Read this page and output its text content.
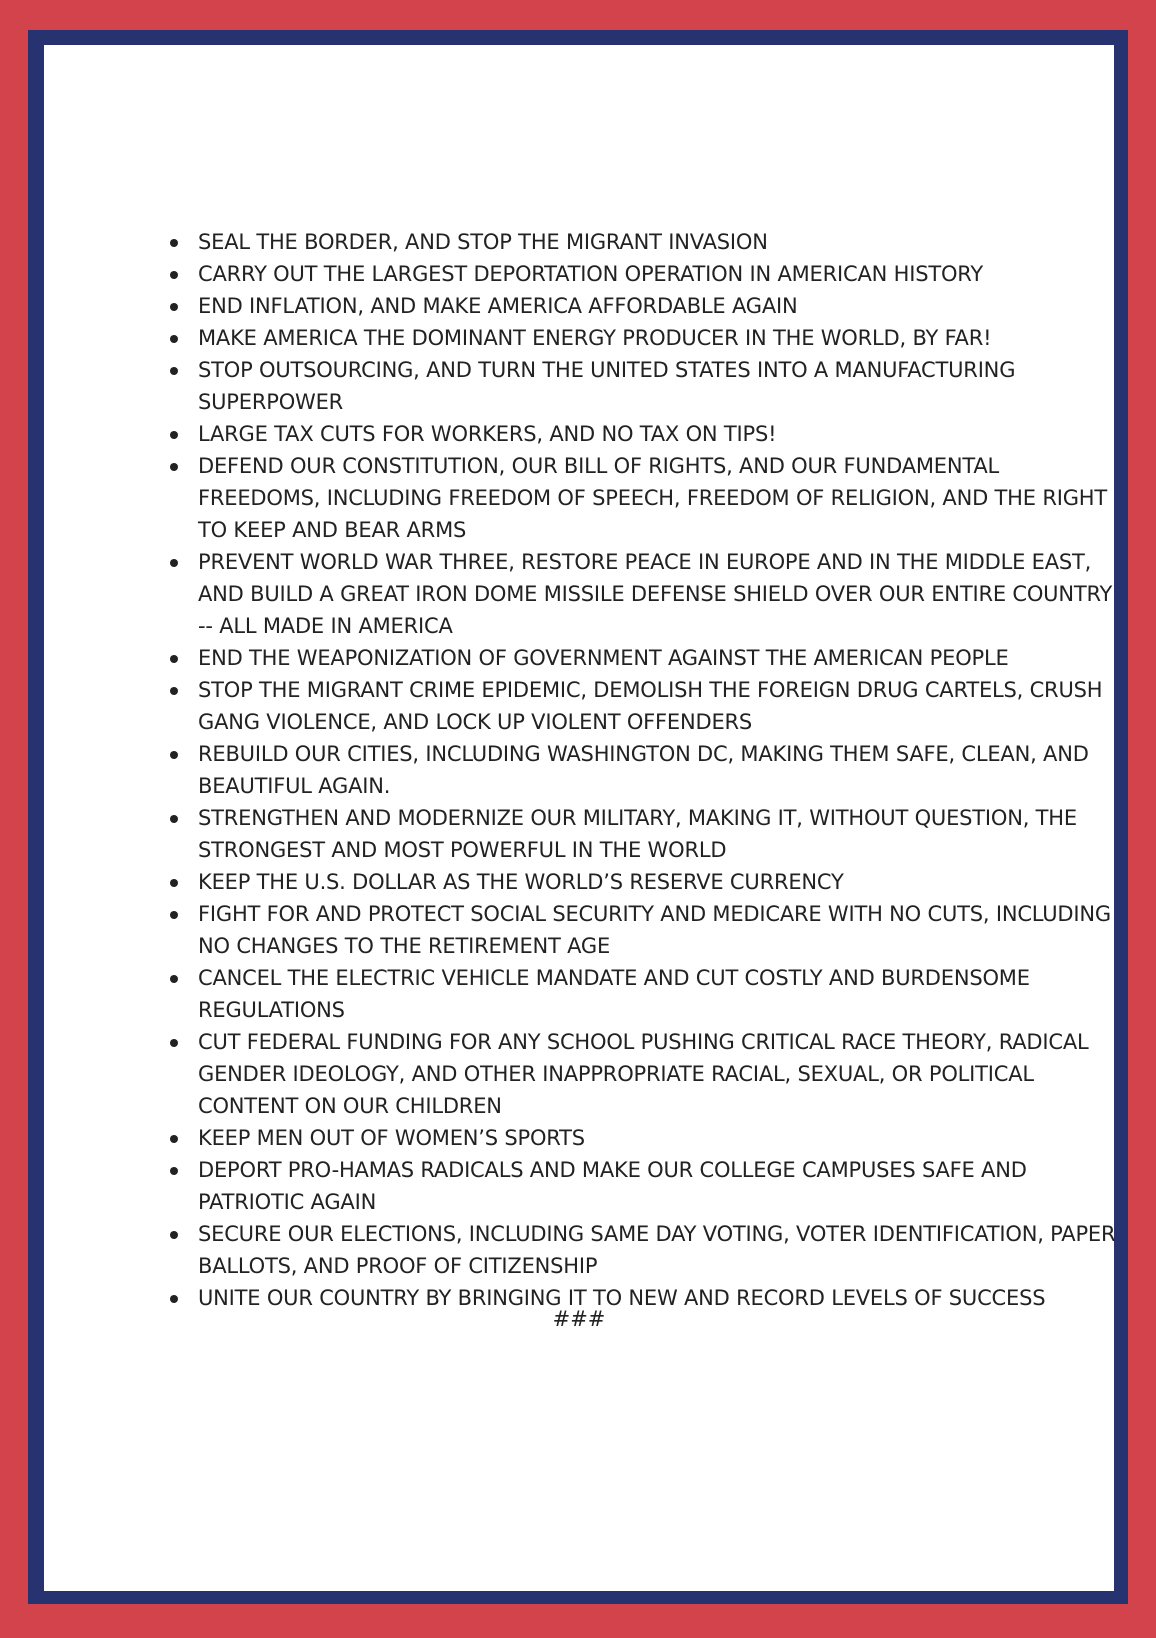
SEAL THE BORDER, AND STOP THE MIGRANT INVASION
CARRY OUT THE LARGEST DEPORTATION OPERATION IN AMERICAN HISTORY
END INFLATION, AND MAKE AMERICA AFFORDABLE AGAIN
MAKE AMERICA THE DOMINANT ENERGY PRODUCER IN THE WORLD, BY FAR!
STOP OUTSOURCING, AND TURN THE UNITED STATES INTO A MANUFACTURING SUPERPOWER
LARGE TAX CUTS FOR WORKERS, AND NO TAX ON TIPS!
DEFEND OUR CONSTITUTION, OUR BILL OF RIGHTS, AND OUR FUNDAMENTAL FREEDOMS, INCLUDING FREEDOM OF SPEECH, FREEDOM OF RELIGION, AND THE RIGHT TO KEEP AND BEAR ARMS
PREVENT WORLD WAR THREE, RESTORE PEACE IN EUROPE AND IN THE MIDDLE EAST, AND BUILD A GREAT IRON DOME MISSILE DEFENSE SHIELD OVER OUR ENTIRE COUNTRY -- ALL MADE IN AMERICA
END THE WEAPONIZATION OF GOVERNMENT AGAINST THE AMERICAN PEOPLE
STOP THE MIGRANT CRIME EPIDEMIC, DEMOLISH THE FOREIGN DRUG CARTELS, CRUSH GANG VIOLENCE, AND LOCK UP VIOLENT OFFENDERS
REBUILD OUR CITIES, INCLUDING WASHINGTON DC, MAKING THEM SAFE, CLEAN, AND BEAUTIFUL AGAIN.
STRENGTHEN AND MODERNIZE OUR MILITARY, MAKING IT, WITHOUT QUESTION, THE STRONGEST AND MOST POWERFUL IN THE WORLD
KEEP THE U.S. DOLLAR AS THE WORLD’S RESERVE CURRENCY
FIGHT FOR AND PROTECT SOCIAL SECURITY AND MEDICARE WITH NO CUTS, INCLUDING NO CHANGES TO THE RETIREMENT AGE
CANCEL THE ELECTRIC VEHICLE MANDATE AND CUT COSTLY AND BURDENSOME REGULATIONS
CUT FEDERAL FUNDING FOR ANY SCHOOL PUSHING CRITICAL RACE THEORY, RADICAL GENDER IDEOLOGY, AND OTHER INAPPROPRIATE RACIAL, SEXUAL, OR POLITICAL CONTENT ON OUR CHILDREN
KEEP MEN OUT OF WOMEN’S SPORTS
DEPORT PRO-HAMAS RADICALS AND MAKE OUR COLLEGE CAMPUSES SAFE AND PATRIOTIC AGAIN
SECURE OUR ELECTIONS, INCLUDING SAME DAY VOTING, VOTER IDENTIFICATION, PAPER BALLOTS, AND PROOF OF CITIZENSHIP
UNITE OUR COUNTRY BY BRINGING IT TO NEW AND RECORD LEVELS OF SUCCESS
###
